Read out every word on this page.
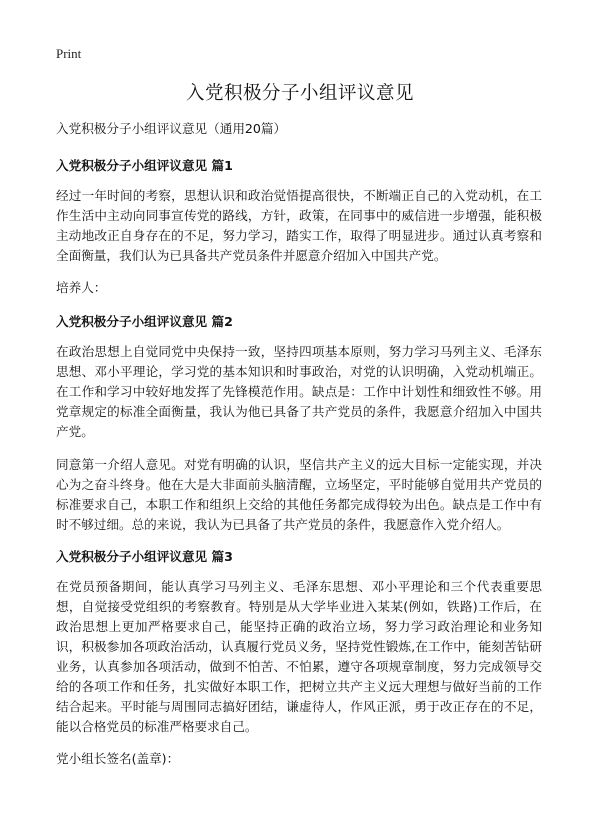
Print
入党积极分子小组评议意见

入党积极分子小组评议意见（通用20篇）

入党积极分子小组评议意见 篇1

经过一年时间的考察，思想认识和政治觉悟提高很快，不断端正自己的入党动机，在工作生活中主动向同事宣传党的路线，方针，政策，在同事中的威信进一步增强，能积极主动地改正自身存在的不足，努力学习，踏实工作，取得了明显进步。通过认真考察和全面衡量，我们认为已具备共产党员条件并愿意介绍加入中国共产党。

培养人：

入党积极分子小组评议意见 篇2

在政治思想上自觉同党中央保持一致，坚持四项基本原则，努力学习马列主义、毛泽东思想、邓小平理论，学习党的基本知识和时事政治，对党的认识明确，入党动机端正。在工作和学习中较好地发挥了先锋模范作用。缺点是：工作中计划性和细致性不够。用党章规定的标准全面衡量，我认为他已具备了共产党员的条件，我愿意介绍加入中国共产党。

同意第一介绍人意见。对党有明确的认识，坚信共产主义的远大目标一定能实现，并决心为之奋斗终身。他在大是大非面前头脑清醒，立场坚定，平时能够自觉用共产党员的标准要求自己，本职工作和组织上交给的其他任务都完成得较为出色。缺点是工作中有时不够过细。总的来说，我认为已具备了共产党员的条件，我愿意作入党介绍人。

入党积极分子小组评议意见 篇3

在党员预备期间，能认真学习马列主义、毛泽东思想、邓小平理论和三个代表重要思想，自觉接受党组织的考察教育。特别是从大学毕业进入某某(例如，铁路)工作后，在政治思想上更加严格要求自己，能坚持正确的政治立场，努力学习政治理论和业务知识，积极参加各项政治活动，认真履行党员义务，坚持党性锻炼,在工作中，能刻苦钻研业务，认真参加各项活动，做到不怕苦、不怕累，遵守各项规章制度，努力完成领导交给的各项工作和任务，扎实做好本职工作，把树立共产主义远大理想与做好当前的工作结合起来。平时能与周围同志搞好团结，谦虚待人，作风正派，勇于改正存在的不足，能以合格党员的标准严格要求自己。

党小组长签名(盖章)：
